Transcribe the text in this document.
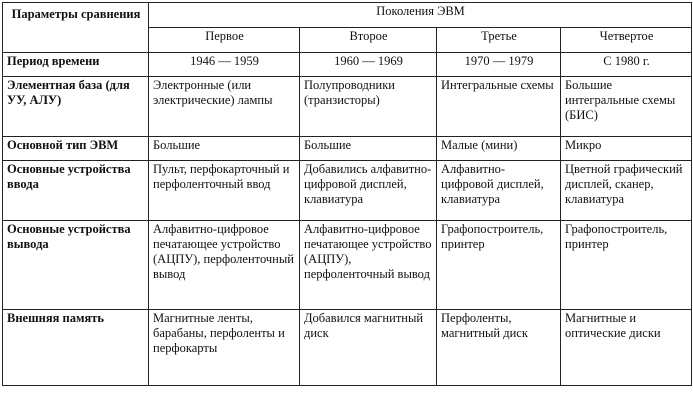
Параметры сравнения	Поколения ЭВМ			
	Первое	Второе	Третье	Четвертое
Период времени	1946 — 1959	1960 — 1969	1970 — 1979	С 1980 г.
Элементная база (для УУ, АЛУ)	Электронные (или электрические) лампы	Полупроводники (транзисторы)	Интегральные схемы	Большие интегральные схемы (БИС)
Основной тип ЭВМ	Большие	Большие	Малые (мини)	Микро
Основные устройства ввода	Пульт, перфокарточный и перфоленточный ввод	Добавились алфавитно-цифровой дисплей, клавиатура	Алфавитно-цифровой дисплей, клавиатура	Цветной графический дисплей, сканер, клавиатура
Основные устройства вывода	Алфавитно-цифровое печатающее устройство (АЦПУ), перфоленточный вывод	Алфавитно-цифровое печатающее устройство (АЦПУ), перфоленточный вывод	Графопостроитель, принтер	Графопостроитель, принтер
Внешняя память	Магнитные ленты, барабаны, перфоленты и перфокарты	Добавился магнитный диск	Перфоленты, магнитный диск	Магнитные и оптические диски
